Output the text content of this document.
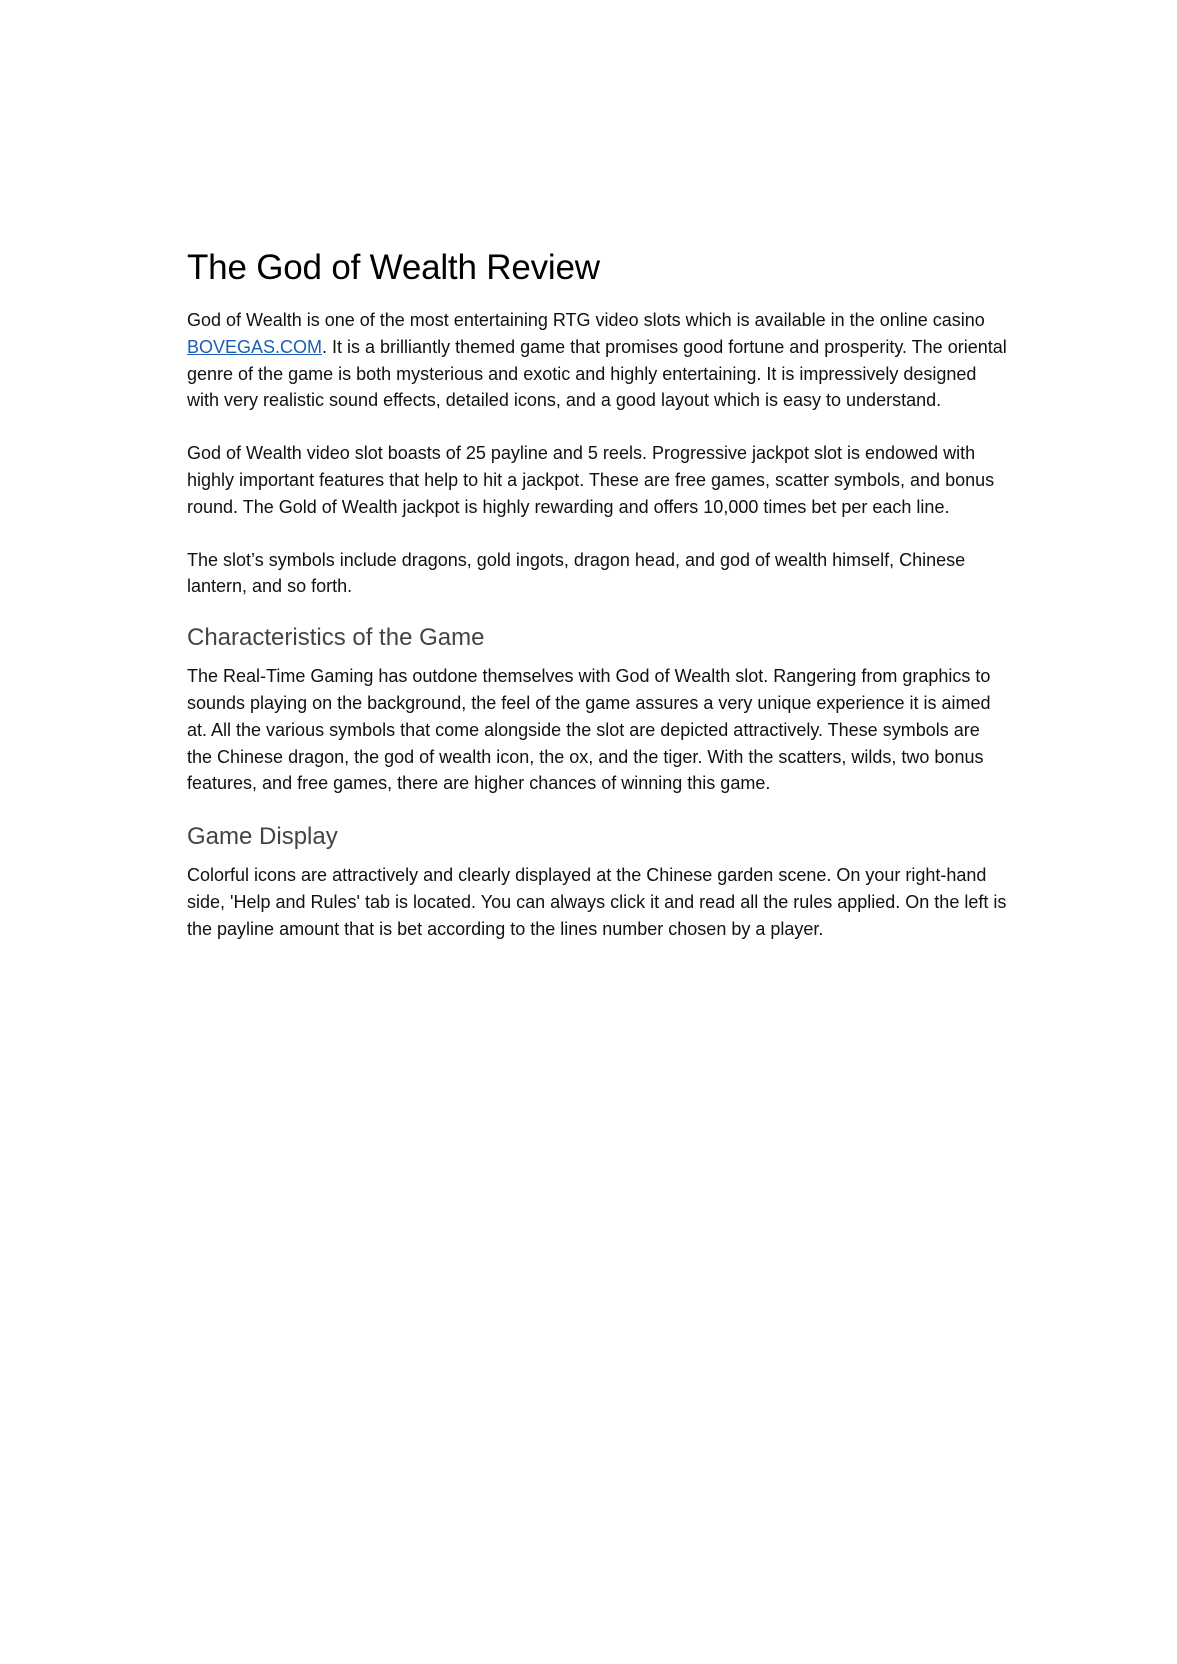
The God of Wealth Review

God of Wealth is one of the most entertaining RTG video slots which is available in the online casino BOVEGAS.COM. It is a brilliantly themed game that promises good fortune and prosperity. The oriental genre of the game is both mysterious and exotic and highly entertaining. It is impressively designed with very realistic sound effects, detailed icons, and a good layout which is easy to understand.

God of Wealth video slot boasts of 25 payline and 5 reels. Progressive jackpot slot is endowed with highly important features that help to hit a jackpot. These are free games, scatter symbols, and bonus round. The Gold of Wealth jackpot is highly rewarding and offers 10,000 times bet per each line.

The slot’s symbols include dragons, gold ingots, dragon head, and god of wealth himself, Chinese lantern, and so forth.

Characteristics of the Game

The Real-Time Gaming has outdone themselves with God of Wealth slot. Rangering from graphics to sounds playing on the background, the feel of the game assures a very unique experience it is aimed at. All the various symbols that come alongside the slot are depicted attractively. These symbols are the Chinese dragon, the god of wealth icon, the ox, and the tiger. With the scatters, wilds, two bonus features, and free games, there are higher chances of winning this game.

Game Display

Colorful icons are attractively and clearly displayed at the Chinese garden scene. On your right-hand side, 'Help and Rules' tab is located. You can always click it and read all the rules applied. On the left is the payline amount that is bet according to the lines number chosen by a player.
